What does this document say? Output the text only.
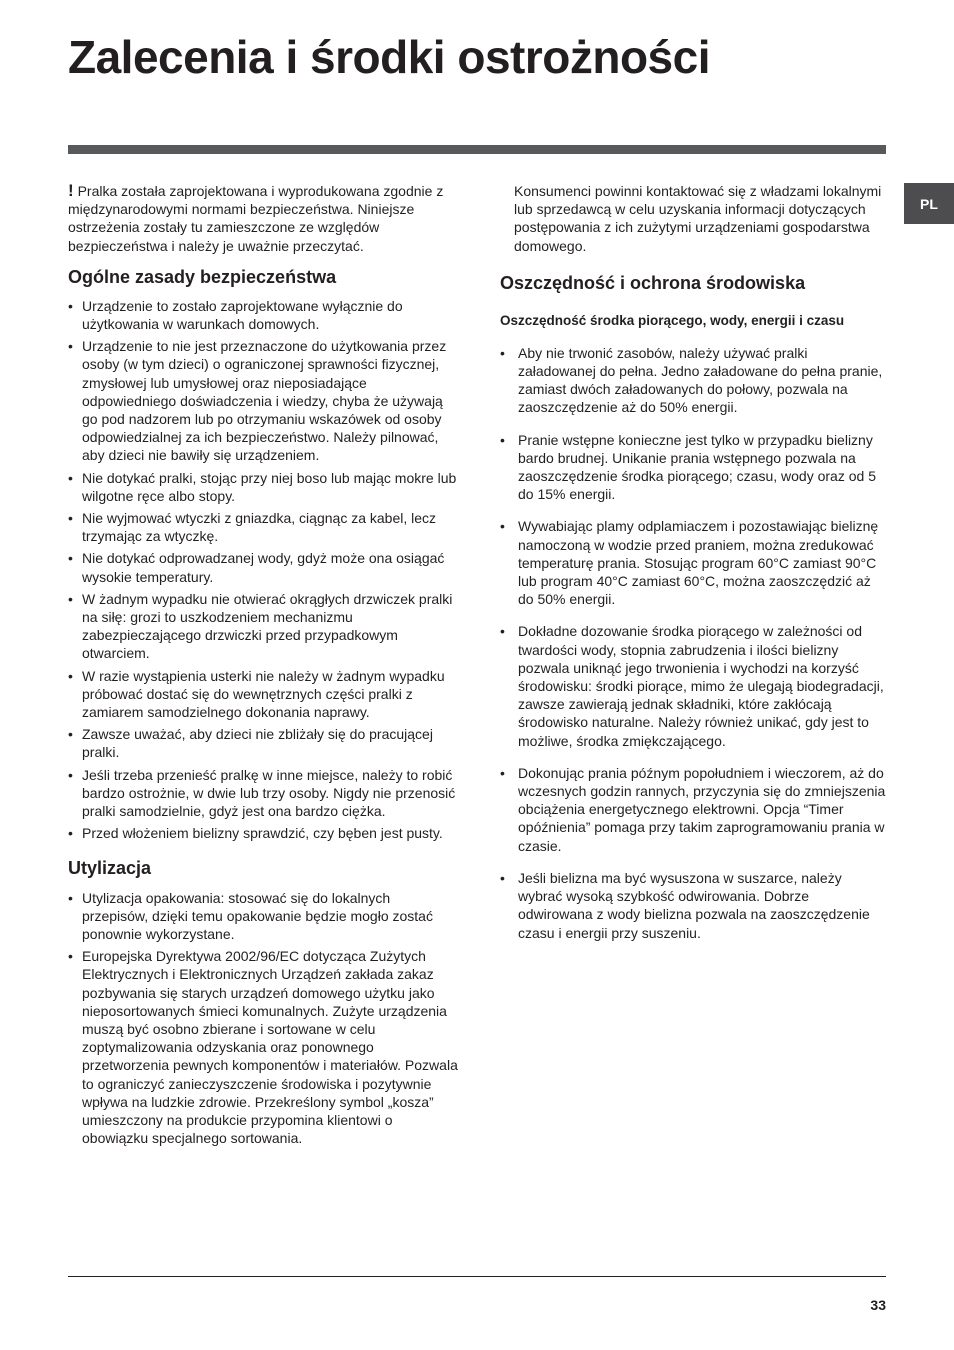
Zalecenia i środki ostrożności
PL

! Pralka została zaprojektowana i wyprodukowana zgodnie z międzynarodowymi normami bezpieczeństwa. Niniejsze ostrzeżenia zostały tu zamieszczone ze względów bezpieczeństwa i należy je uważnie przeczytać.

Ogólne zasady bezpieczeństwa
• Urządzenie to zostało zaprojektowane wyłącznie do użytkowania w warunkach domowych.
• Urządzenie to nie jest przeznaczone do użytkowania przez osoby (w tym dzieci) o ograniczonej sprawności fizycznej, zmysłowej lub umysłowej oraz nieposiadające odpowiedniego doświadczenia i wiedzy, chyba że używają go pod nadzorem lub po otrzymaniu wskazówek od osoby odpowiedzialnej za ich bezpieczeństwo. Należy pilnować, aby dzieci nie bawiły się urządzeniem.
• Nie dotykać pralki, stojąc przy niej boso lub mając mokre lub wilgotne ręce albo stopy.
• Nie wyjmować wtyczki z gniazdka, ciągnąc za kabel, lecz trzymając za wtyczkę.
• Nie dotykać odprowadzanej wody, gdyż może ona osiągać wysokie temperatury.
• W żadnym wypadku nie otwierać okrągłych drzwiczek pralki na siłę: grozi to uszkodzeniem mechanizmu zabezpieczającego drzwiczki przed przypadkowym otwarciem.
• W razie wystąpienia usterki nie należy w żadnym wypadku próbować dostać się do wewnętrznych części pralki z zamiarem samodzielnego dokonania naprawy.
• Zawsze uważać, aby dzieci nie zbliżały się do pracującej pralki.
• Jeśli trzeba przenieść pralkę w inne miejsce, należy to robić bardzo ostrożnie, w dwie lub trzy osoby. Nigdy nie przenosić pralki samodzielnie, gdyż jest ona bardzo ciężka.
• Przed włożeniem bielizny sprawdzić, czy bęben jest pusty.
Utylizacja
• Utylizacja opakowania: stosować się do lokalnych przepisów, dzięki temu opakowanie będzie mogło zostać ponownie wykorzystane.
• Europejska Dyrektywa 2002/96/EC dotycząca Zużytych Elektrycznych i Elektronicznych Urządzeń zakłada zakaz pozbywania się starych urządzeń domowego użytku jako nieposortowanych śmieci komunalnych. Zużyte urządzenia muszą być osobno zbierane i sortowane w celu zoptymalizowania odzyskania oraz ponownego przetworzenia pewnych komponentów i materiałów. Pozwala to ograniczyć zanieczyszczenie środowiska i pozytywnie wpływa na ludzkie zdrowie. Przekreślony symbol „kosza” umieszczony na produkcie przypomina klientowi o obowiązku specjalnego sortowania.

Konsumenci powinni kontaktować się z władzami lokalnymi lub sprzedawcą w celu uzyskania informacji dotyczących postępowania z ich zużytymi urządzeniami gospodarstwa domowego.

Oszczędność i ochrona środowiska
Oszczędność środka piorącego, wody, energii i czasu
• Aby nie trwonić zasobów, należy używać pralki załadowanej do pełna. Jedno załadowane do pełna pranie, zamiast dwóch załadowanych do połowy, pozwala na zaoszczędzenie aż do 50% energii.
• Pranie wstępne konieczne jest tylko w przypadku bielizny bardo brudnej. Unikanie prania wstępnego pozwala na zaoszczędzenie środka piorącego; czasu, wody oraz od 5 do 15% energii.
• Wywabiając plamy odplamiaczem i pozostawiając bieliznę namoczoną w wodzie przed praniem, można zredukować temperaturę prania. Stosując program 60°C zamiast 90°C lub program 40°C zamiast 60°C, można zaoszczędzić aż do 50% energii.
• Dokładne dozowanie środka piorącego w zależności od twardości wody, stopnia zabrudzenia i ilości bielizny pozwala uniknąć jego trwonienia i wychodzi na korzyść środowisku: środki piorące, mimo że ulegają biodegradacji, zawsze zawierają jednak składniki, które zakłócają środowisko naturalne. Należy również unikać, gdy jest to możliwe, środka zmiękczającego.
• Dokonując prania późnym popołudniem i wieczorem, aż do wczesnych godzin rannych, przyczynia się do zmniejszenia obciążenia energetycznego elektrowni. Opcja “Timer opóźnienia” pomaga przy takim zaprogramowaniu prania w czasie.
• Jeśli bielizna ma być wysuszona w suszarce, należy wybrać wysoką szybkość odwirowania. Dobrze odwirowana z wody bielizna pozwala na zaoszczędzenie czasu i energii przy suszeniu.
33
